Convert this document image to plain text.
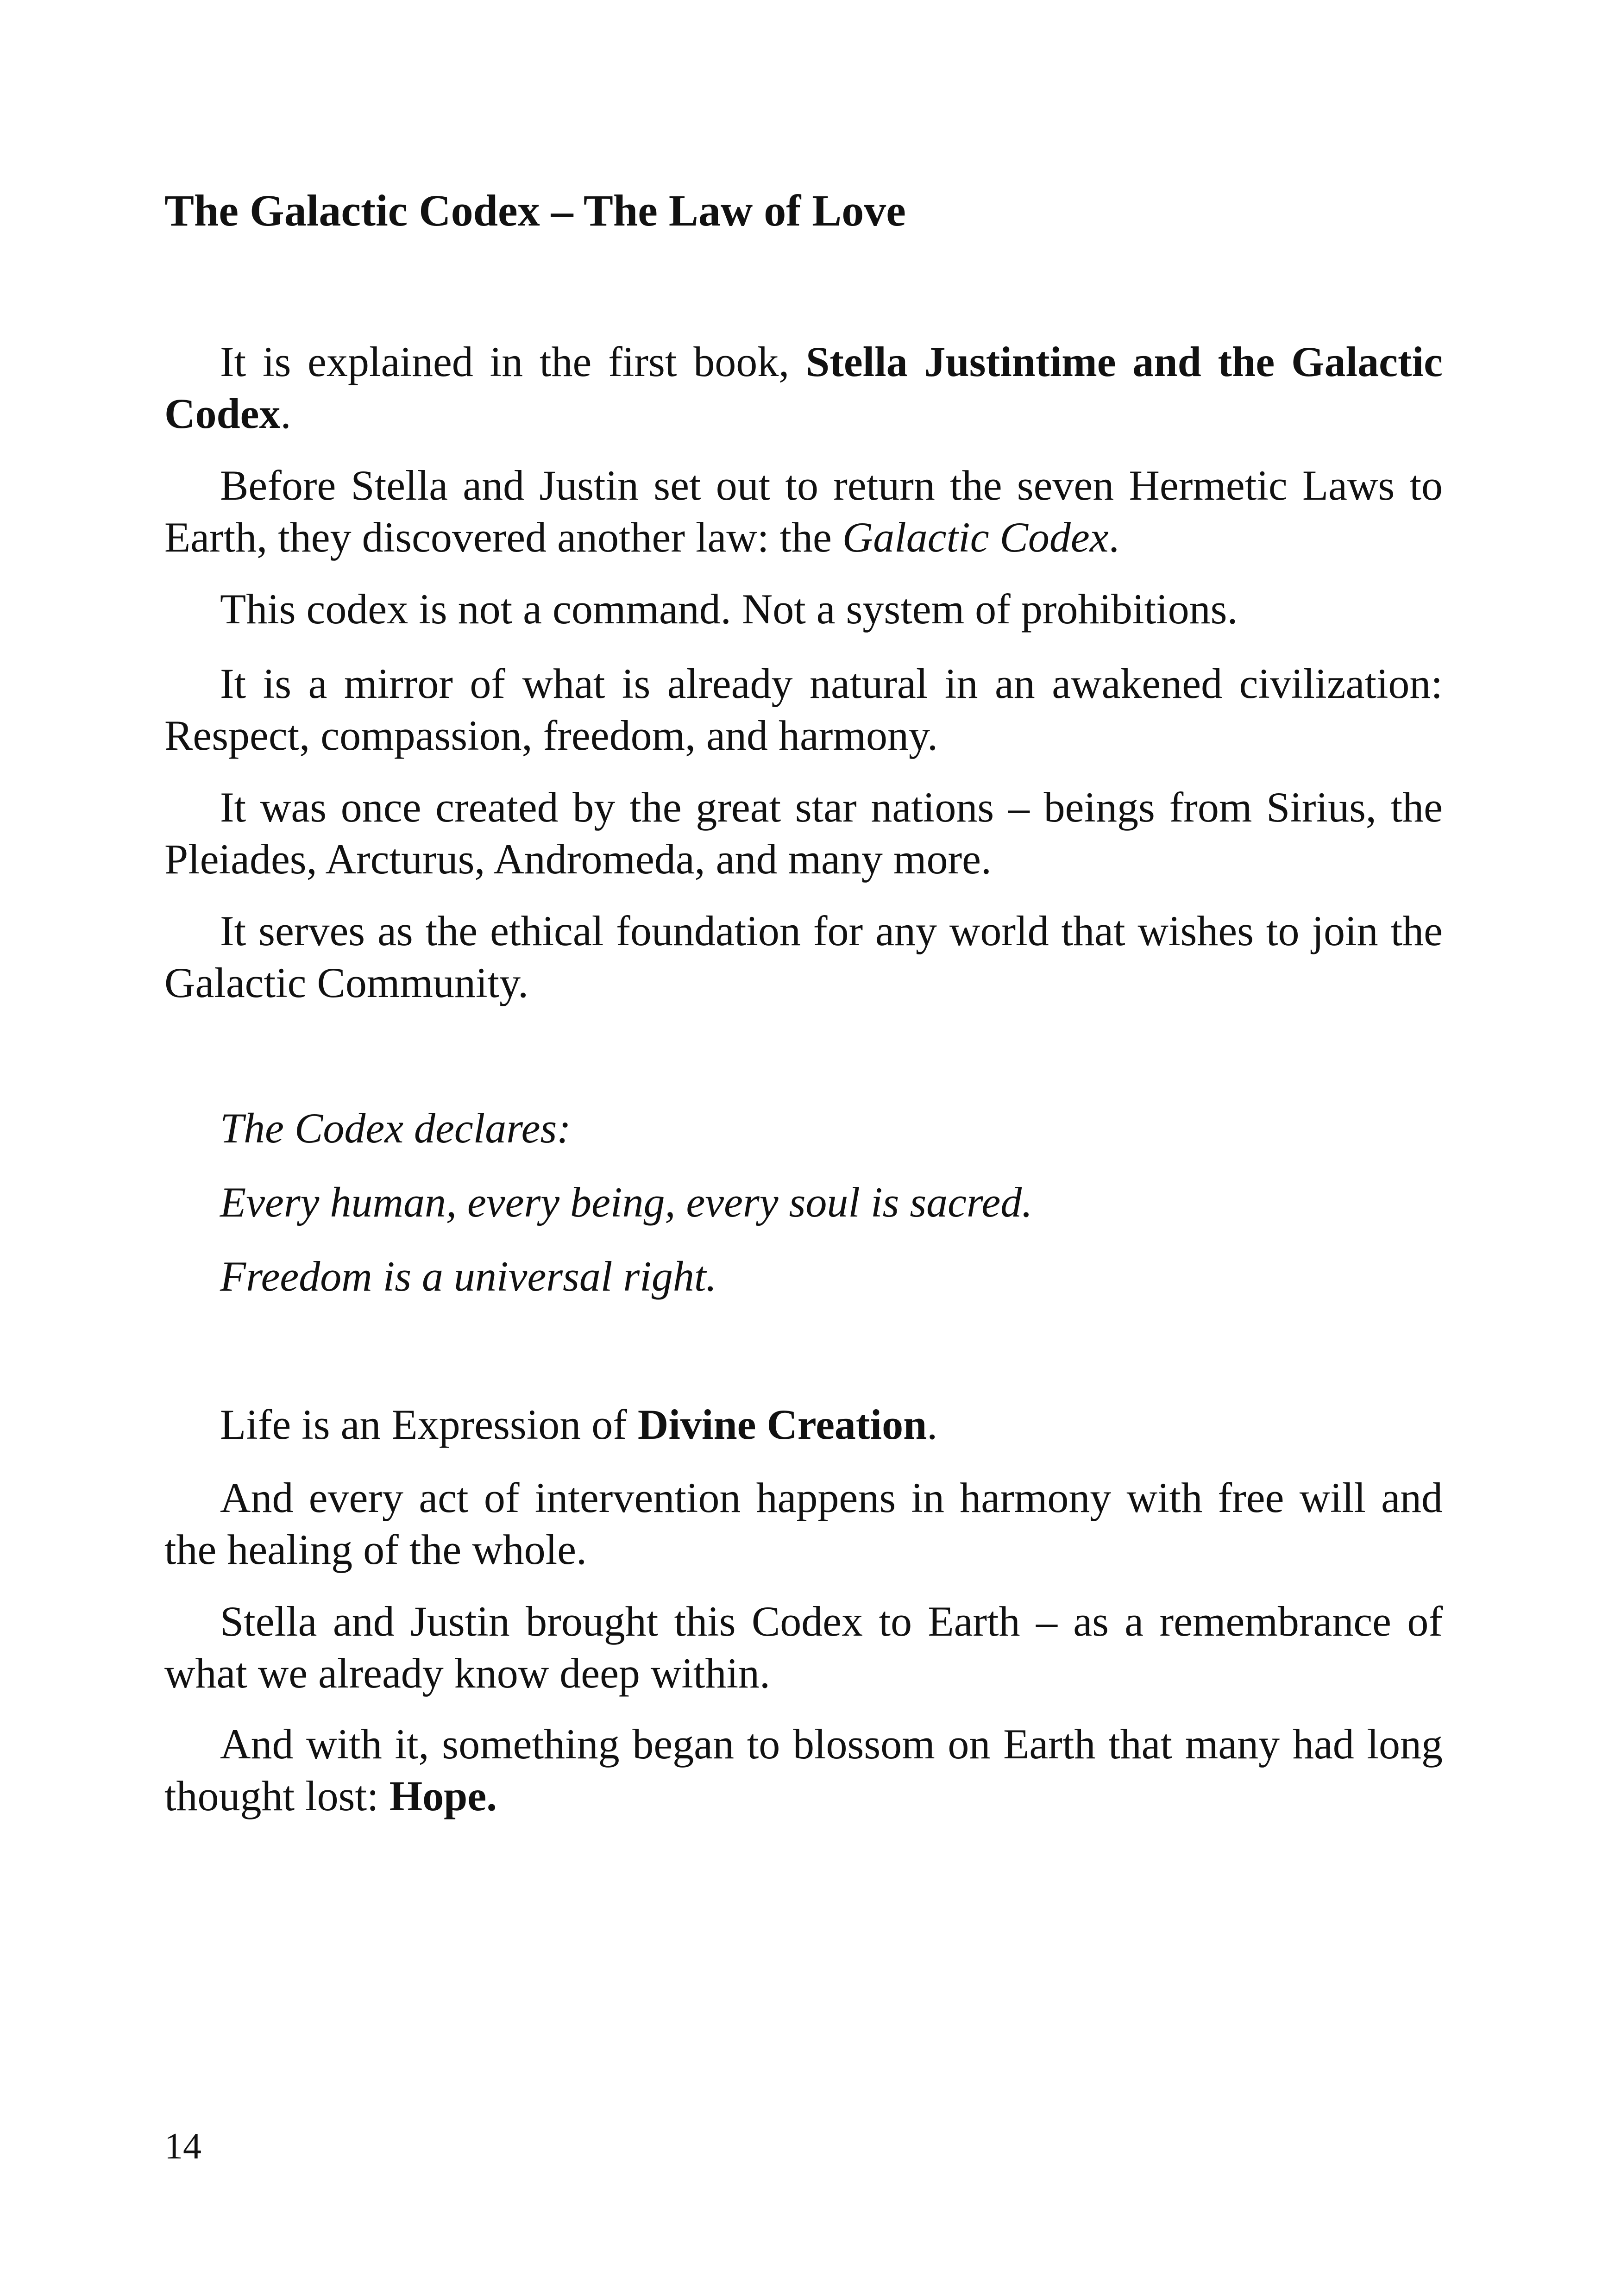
The Galactic Codex – The Law of Love

It is explained in the first book, Stella Justintime and the Galactic Codex.

Before Stella and Justin set out to return the seven Hermetic Laws to Earth, they discovered another law: the Galactic Codex.

This codex is not a command. Not a system of prohibitions.

It is a mirror of what is already natural in an awakened civilization: Respect, compassion, freedom, and harmony.

It was once created by the great star nations – beings from Sirius, the Pleiades, Arcturus, Andromeda, and many more.

It serves as the ethical foundation for any world that wishes to join the Galactic Community.

The Codex declares:

Every human, every being, every soul is sacred.

Freedom is a universal right.

Life is an Expression of Divine Creation.

And every act of intervention happens in harmony with free will and the healing of the whole.

Stella and Justin brought this Codex to Earth – as a remembrance of what we already know deep within.

And with it, something began to blossom on Earth that many had long thought lost: Hope.

14
